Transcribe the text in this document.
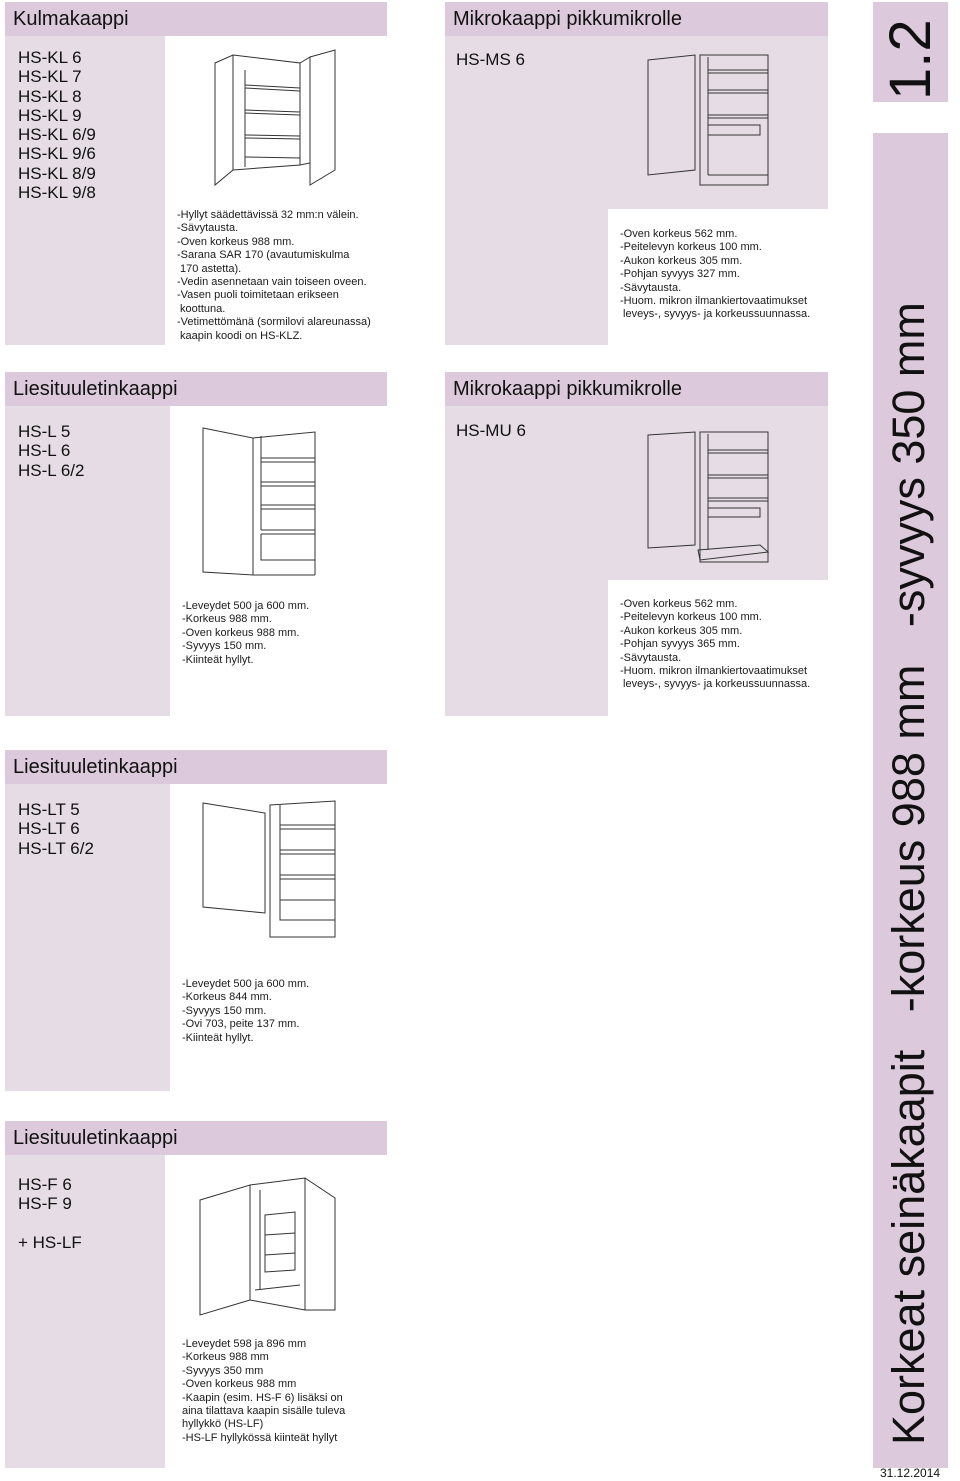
Kulmakaappi
HS-KL 6
HS-KL 7
HS-KL 8
HS-KL 9
HS-KL 6/9
HS-KL 9/6
HS-KL 8/9
HS-KL 9/8
-Hyllyt säädettävissä 32 mm:n välein.
-Sävytausta.
-Oven korkeus 988 mm.
-Sarana SAR 170 (avautumiskulma
170 astetta).
-Vedin asennetaan vain toiseen oveen.
-Vasen puoli toimitetaan erikseen
koottuna.
-Vetimettömänä (sormilovi alareunassa)
kaapin koodi on HS-KLZ.
Liesituuletinkaappi
HS-L 5
HS-L 6
HS-L 6/2
-Leveydet 500 ja 600 mm.
-Korkeus 988 mm.
-Oven korkeus 988 mm.
-Syvyys 150 mm.
-Kiinteät hyllyt.
Liesituuletinkaappi
HS-LT 5
HS-LT 6
HS-LT 6/2
-Leveydet 500 ja 600 mm.
-Korkeus 844 mm.
-Syvyys 150 mm.
-Ovi 703, peite 137 mm.
-Kiinteät hyllyt.
Liesituuletinkaappi
HS-F 6
HS-F 9
+ HS-LF
-Leveydet 598 ja 896 mm
-Korkeus 988 mm
-Syvyys 350 mm
-Oven korkeus 988 mm
-Kaapin (esim. HS-F 6) lisäksi on
aina tilattava kaapin sisälle tuleva
hyllykkö (HS-LF)
-HS-LF hyllykössä kiinteät hyllyt
Mikrokaappi pikkumikrolle
HS-MS 6
-Oven korkeus 562 mm.
-Peitelevyn korkeus 100 mm.
-Aukon korkeus 305 mm.
-Pohjan syvyys 327 mm.
-Sävytausta.
-Huom. mikron ilmankiertovaatimukset
leveys-, syvyys- ja korkeussuunnassa.
Mikrokaappi pikkumikrolle
HS-MU 6
-Oven korkeus 562 mm.
-Peitelevyn korkeus 100 mm.
-Aukon korkeus 305 mm.
-Pohjan syvyys 365 mm.
-Sävytausta.
-Huom. mikron ilmankiertovaatimukset
leveys-, syvyys- ja korkeussuunnassa.
1.2
Korkeat seinäkaapit   -korkeus 988 mm   -syvyys 350 mm
31.12.2014
